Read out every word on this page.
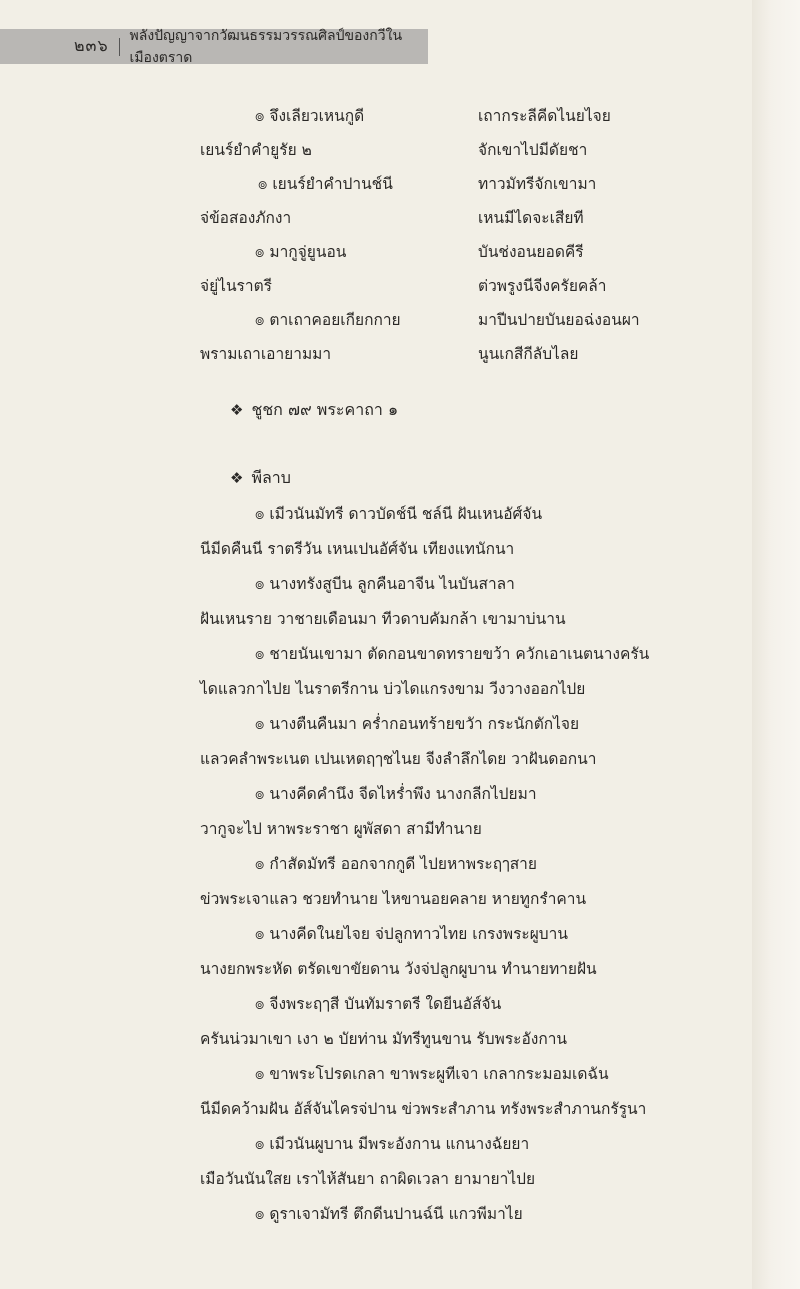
๒๓๖
พลังปัญญาจากวัฒนธรรมวรรณศิลป์ของกวีในเมืองตราด
๏ จึงเลียวเหนกูดี
เยนร์ยำคำยูรัย ๒
๏ เยนร์ยำคำปานช์นี
จ่ข้อสองภักงา
๏ มากูจู่ยูนอน
จ่ยู่ไนราตรี
๏ ตาเถาคอยเกียกกาย
พรามเถาเอายามมา
เถากระลีคีดไนยไจย
จักเขาไปมีดัยชา
ทาวมัทรีจักเขามา
เหนมีไดจะเสียที
บันช่งอนยอดคีรี
ต่วพรูงนีจีงครัยคล้า
มาปีนปายบันยอฉ่งอนผา
นูนเกสีกีลับไลย
❖ ชูชก ๗๙ พระคาถา ๑
❖ พีลาบ
๏ เมีวนันมัทรี ดาวบัดช์นี ชล์นี ฝันเหนอัศ์จัน
นีมีดคืนนี ราตรีวัน เหนเปนอัศ์จัน เทียงแทนักนา
๏ นางทรังสูบีน ลูกคืนอาจีน ไนบันสาลา
ฝันเหนราย วาชายเดือนมา ทีวดาบคัมกล้า เขามาบ่นาน
๏ ชายนันเขามา ตัดกอนขาดทรายขว้า ควักเอาเนตนางครัน
ไดแลวกาไปย ไนราตรีกาน บ่วไดแกรงขาม วีงวางออกไปย
๏ นางตืนคืนมา คร่ำกอนทร้ายขวัา กระนักตักไจย
แลวคลำพระเนต เปนเหตฤๅชไนย จีงลำลึกไดย วาฝันดอกนา
๏ นางคีดคำนึง จีดไหร่ำพึง นางกลีกไปยมา
วากูจะไป หาพระราชา ผูพัสดา สามีทำนาย
๏ กำสัดมัทรี ออกจากกูดี ไปยหาพระฤๅสาย
ข่วพระเจาแลว ชวยทำนาย ไหขานอยคลาย หายทูกรำคาน
๏ นางคีดในยไจย จ่ปลูกทาวไทย เกรงพระผูบาน
นางยกพระหัด ตรัดเขาขัยดาน วังจ่ปลูกผูบาน ทำนายทายฝัน
๏ จีงพระฤๅสี บันทัมราตรี ใดยีนอัส์จัน
ครันน่วมาเขา เงา ๒ บัยท่าน มัทรีทูนขาน รับพระอังกาน
๏ ขาพระโปรดเกลา ขาพระผูทีเจา เกลากระมอมเดฉัน
นีมีดคว้ามฝัน อัส์จันไครจ่ปาน ข่วพระสำภาน ทรังพระสำภานกรัรูนา
๏ เมีวนันผูบาน มีพระอังกาน แกนางฉัยยา
เมือวันนันใสย เราไห้สันยา ถาผิดเวลา ยามายาไปย
๏ ดูราเจามัทรี ตึกดีนปานฉ์นี แกวพีมาไย
